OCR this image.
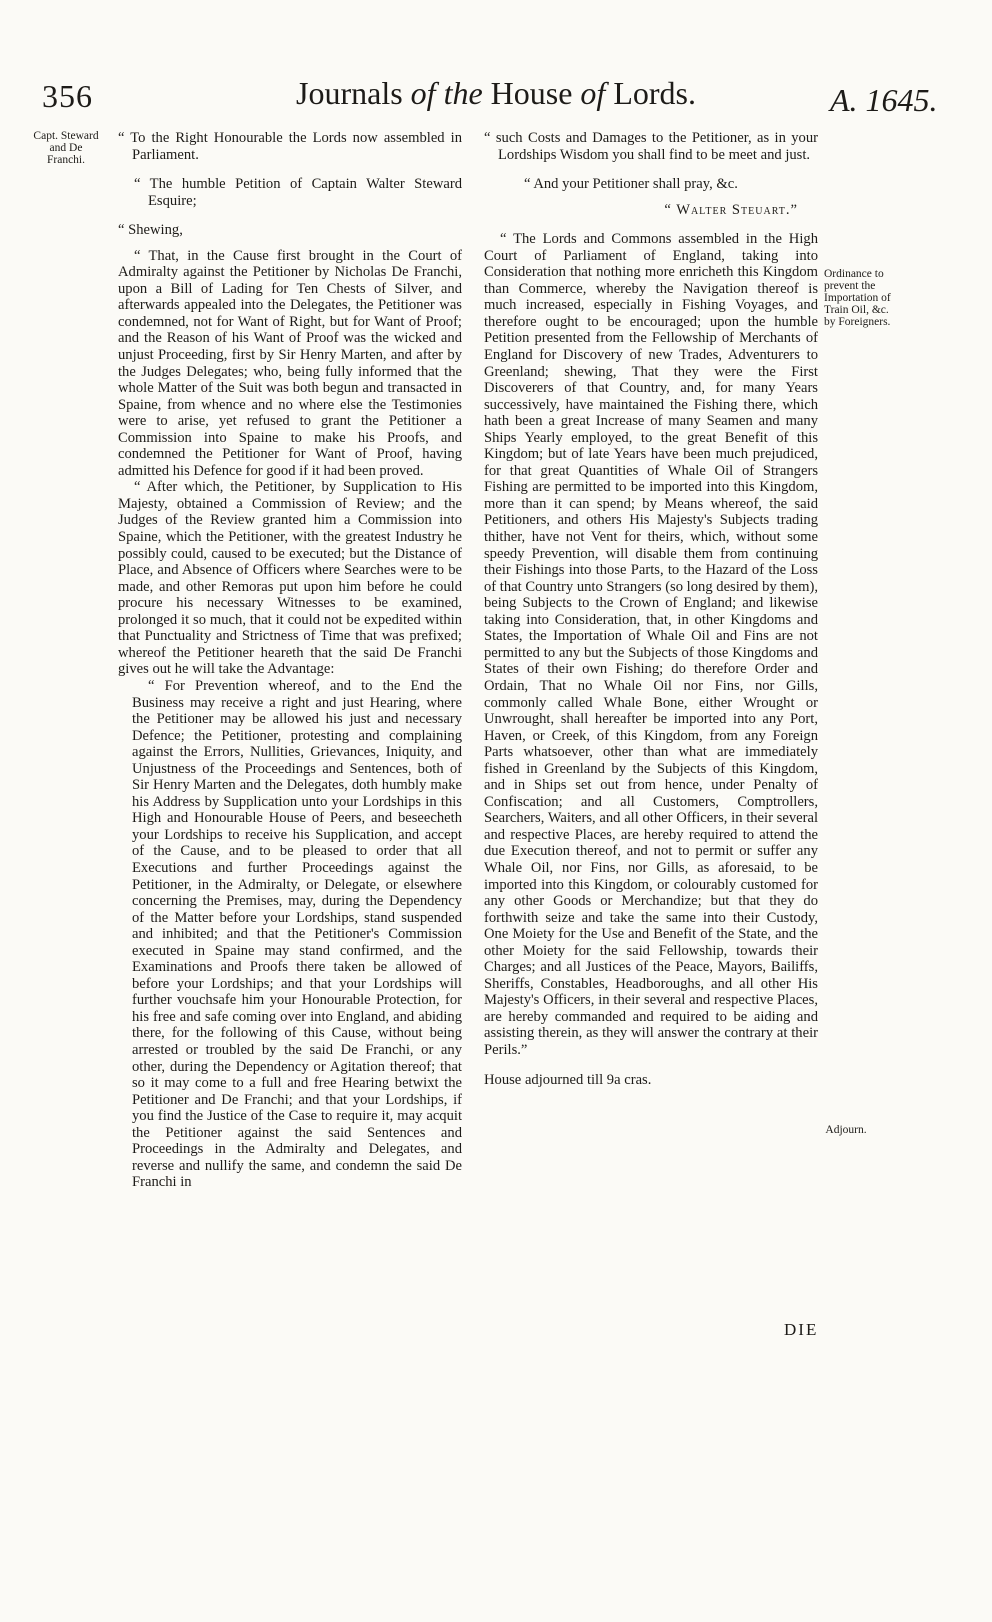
356	Journals of the House of Lords.	A. 1645.
Capt. Steward and De Franchi.
Ordinance to prevent the Importation of Train Oil, &c. by Foreigners.
Adjourn.

“ To the Right Honourable the Lords now assembled in Parliament.

“ The humble Petition of Captain Walter Steward Esquire;

“ Shewing,

“ That, in the Cause first brought in the Court of Admiralty against the Petitioner by Nicholas De Franchi, upon a Bill of Lading for Ten Chests of Silver, and afterwards appealed into the Delegates, the Petitioner was condemned, not for Want of Right, but for Want of Proof; and the Reason of his Want of Proof was the wicked and unjust Proceeding, first by Sir Henry Marten, and after by the Judges Delegates; who, being fully informed that the whole Matter of the Suit was both begun and transacted in Spaine, from whence and no where else the Testimonies were to arise, yet refused to grant the Petitioner a Commission into Spaine to make his Proofs, and condemned the Petitioner for Want of Proof, having admitted his Defence for good if it had been proved.

“ After which, the Petitioner, by Supplication to His Majesty, obtained a Commission of Review; and the Judges of the Review granted him a Commission into Spaine, which the Petitioner, with the greatest Industry he possibly could, caused to be executed; but the Distance of Place, and Absence of Officers where Searches were to be made, and other Remoras put upon him before he could procure his necessary Witnesses to be examined, prolonged it so much, that it could not be expedited within that Punctuality and Strictness of Time that was prefixed; whereof the Petitioner heareth that the said De Franchi gives out he will take the Advantage:

“ For Prevention whereof, and to the End the Business may receive a right and just Hearing, where the Petitioner may be allowed his just and necessary Defence; the Petitioner, protesting and complaining against the Errors, Nullities, Grievances, Iniquity, and Unjustness of the Proceedings and Sentences, both of Sir Henry Marten and the Delegates, doth humbly make his Address by Supplication unto your Lordships in this High and Honourable House of Peers, and beseecheth your Lordships to receive his Supplication, and accept of the Cause, and to be pleased to order that all Executions and further Proceedings against the Petitioner, in the Admiralty, or Delegate, or elsewhere concerning the Premises, may, during the Dependency of the Matter before your Lordships, stand suspended and inhibited; and that the Petitioner's Commission executed in Spaine may stand confirmed, and the Examinations and Proofs there taken be allowed of before your Lordships; and that your Lordships will further vouchsafe him your Honourable Protection, for his free and safe coming over into England, and abiding there, for the following of this Cause, without being arrested or troubled by the said De Franchi, or any other, during the Dependency or Agitation thereof; that so it may come to a full and free Hearing betwixt the Petitioner and De Franchi; and that your Lordships, if you find the Justice of the Case to require it, may acquit the Petitioner against the said Sentences and Proceedings in the Admiralty and Delegates, and reverse and nullify the same, and condemn the said De Franchi in

“ such Costs and Damages to the Petitioner, as in your Lordships Wisdom you shall find to be meet and just.

“ And your Petitioner shall pray, &c.

“ Walter Steuart.”

“ The Lords and Commons assembled in the High Court of Parliament of England, taking into Consideration that nothing more enricheth this Kingdom than Commerce, whereby the Navigation thereof is much increased, especially in Fishing Voyages, and therefore ought to be encouraged; upon the humble Petition presented from the Fellowship of Merchants of England for Discovery of new Trades, Adventurers to Greenland; shewing, That they were the First Discoverers of that Country, and, for many Years successively, have maintained the Fishing there, which hath been a great Increase of many Seamen and many Ships Yearly employed, to the great Benefit of this Kingdom; but of late Years have been much prejudiced, for that great Quantities of Whale Oil of Strangers Fishing are permitted to be imported into this Kingdom, more than it can spend; by Means whereof, the said Petitioners, and others His Majesty's Subjects trading thither, have not Vent for theirs, which, without some speedy Prevention, will disable them from continuing their Fishings into those Parts, to the Hazard of the Loss of that Country unto Strangers (so long desired by them), being Subjects to the Crown of England; and likewise taking into Consideration, that, in other Kingdoms and States, the Importation of Whale Oil and Fins are not permitted to any but the Subjects of those Kingdoms and States of their own Fishing; do therefore Order and Ordain, That no Whale Oil nor Fins, nor Gills, commonly called Whale Bone, either Wrought or Unwrought, shall hereafter be imported into any Port, Haven, or Creek, of this Kingdom, from any Foreign Parts whatsoever, other than what are immediately fished in Greenland by the Subjects of this Kingdom, and in Ships set out from hence, under Penalty of Confiscation; and all Customers, Comptrollers, Searchers, Waiters, and all other Officers, in their several and respective Places, are hereby required to attend the due Execution thereof, and not to permit or suffer any Whale Oil, nor Fins, nor Gills, as aforesaid, to be imported into this Kingdom, or colourably customed for any other Goods or Merchandize; but that they do forthwith seize and take the same into their Custody, One Moiety for the Use and Benefit of the State, and the other Moiety for the said Fellowship, towards their Charges; and all Justices of the Peace, Mayors, Bailiffs, Sheriffs, Constables, Headboroughs, and all other His Majesty's Officers, in their several and respective Places, are hereby commanded and required to be aiding and assisting therein, as they will answer the contrary at their Perils.”

House adjourned till 9a cras.

DIE
